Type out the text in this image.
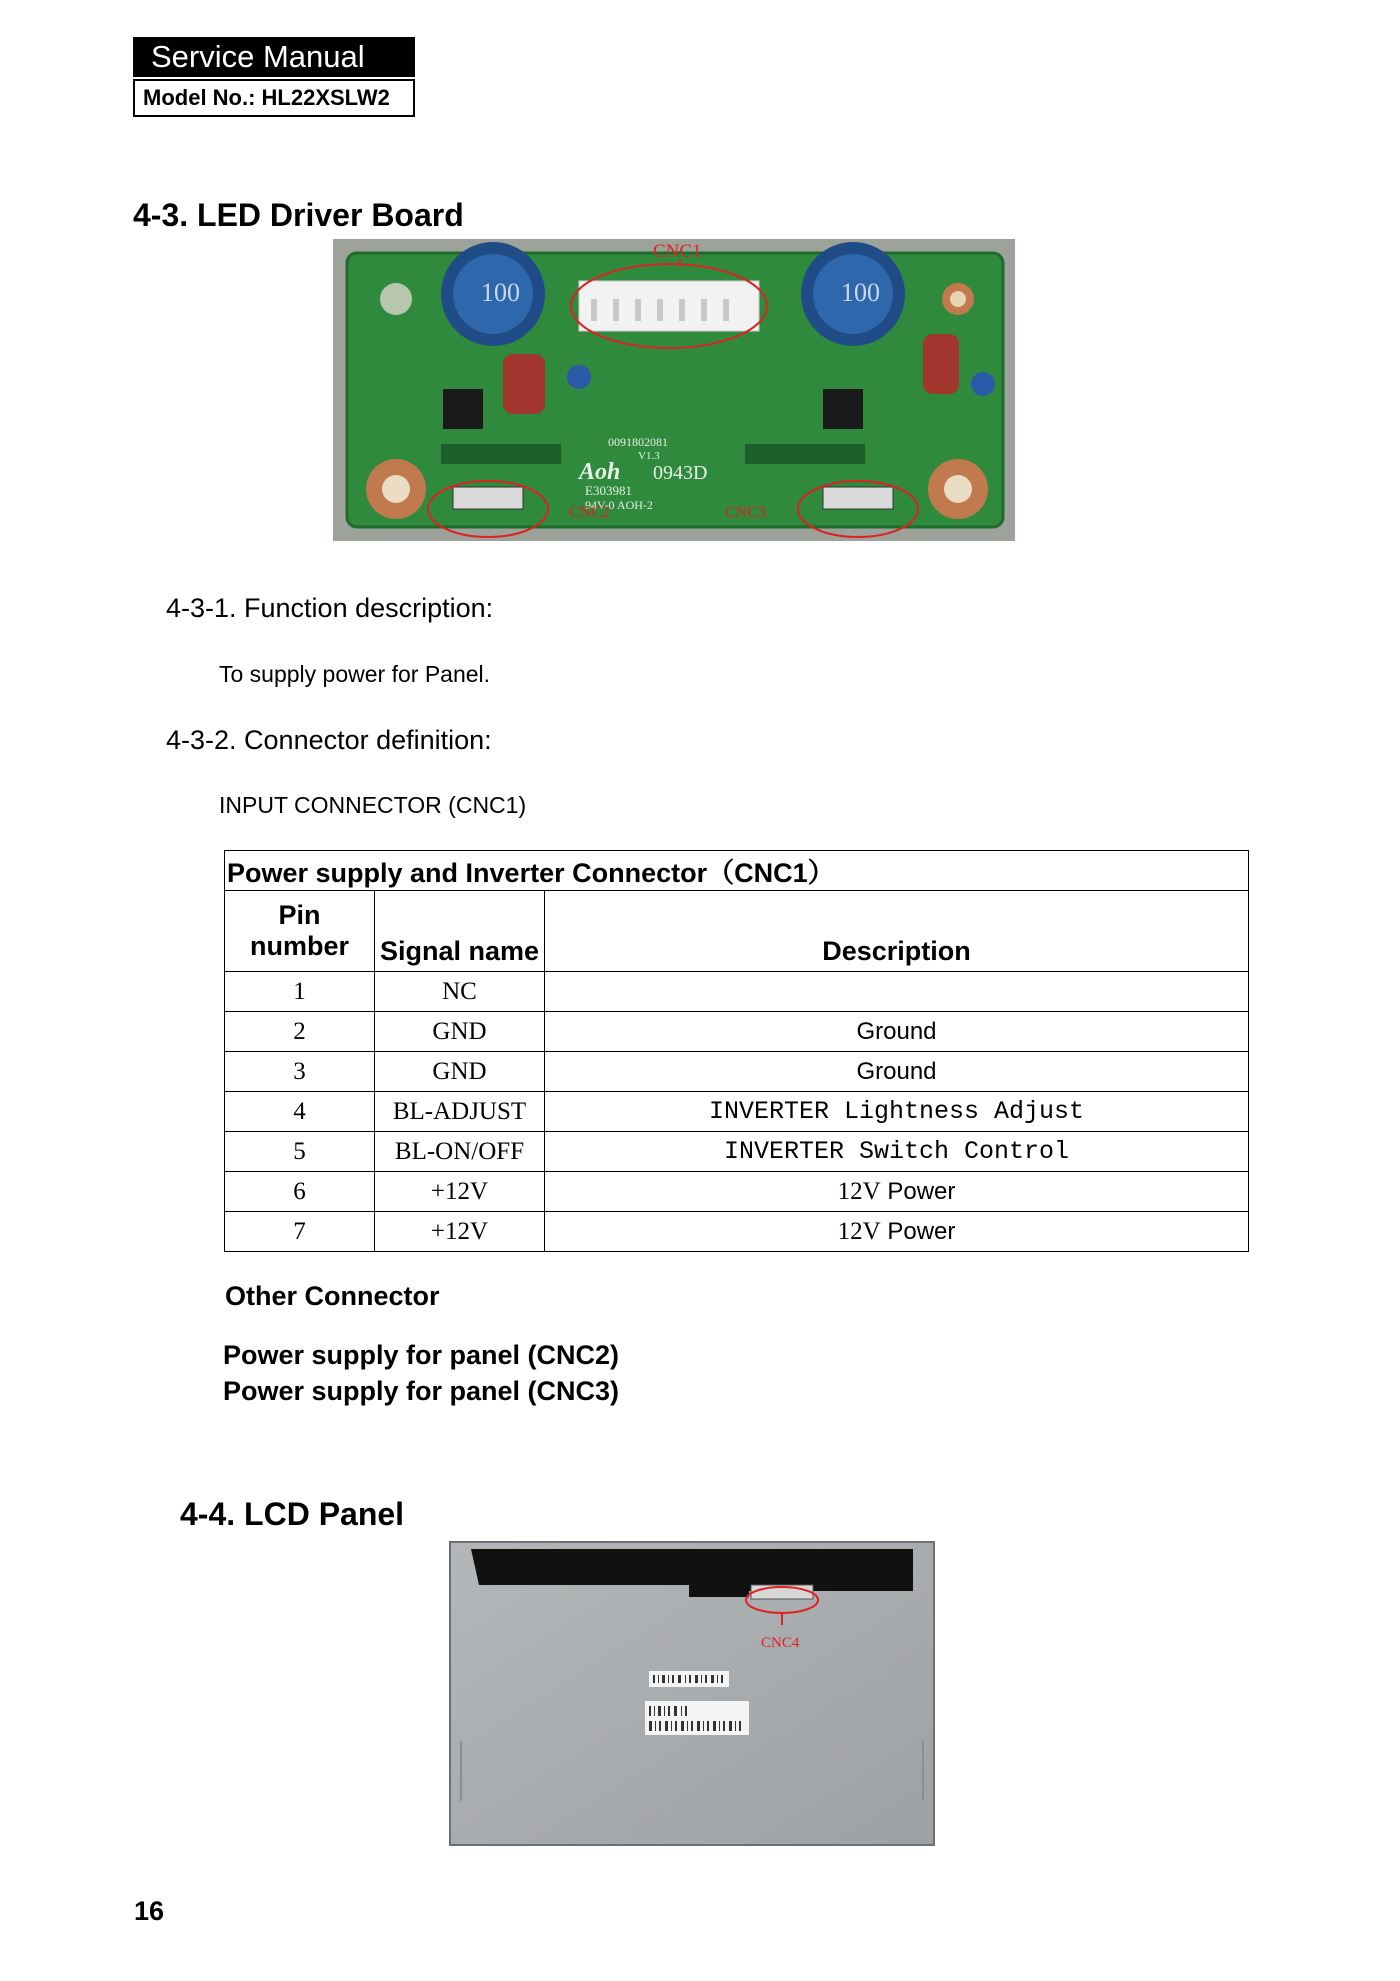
Service Manual
Model No.: HL22XSLW2
4-3. LED Driver Board
100	100
CNC1
0091802081
V1.3
Aoh 0943D
E303981
94V-0 AOH-2
CNC2	CNC3
4-3-1. Function description:
To supply power for Panel.
4-3-2. Connector definition:
INPUT CONNECTOR (CNC1)
Power supply and Inverter Connector（CNC1）		

Pin
number	Signal name	Description
1	NC	
2	GND	Ground
3	GND	Ground
4	BL-ADJUST	INVERTER Lightness Adjust
5	BL-ON/OFF	INVERTER Switch Control
6	+12V	12V Power
7	+12V	12V Power
Other Connector
Power supply for panel (CNC2)
Power supply for panel (CNC3)
4-4. LCD Panel
CNC4
16
